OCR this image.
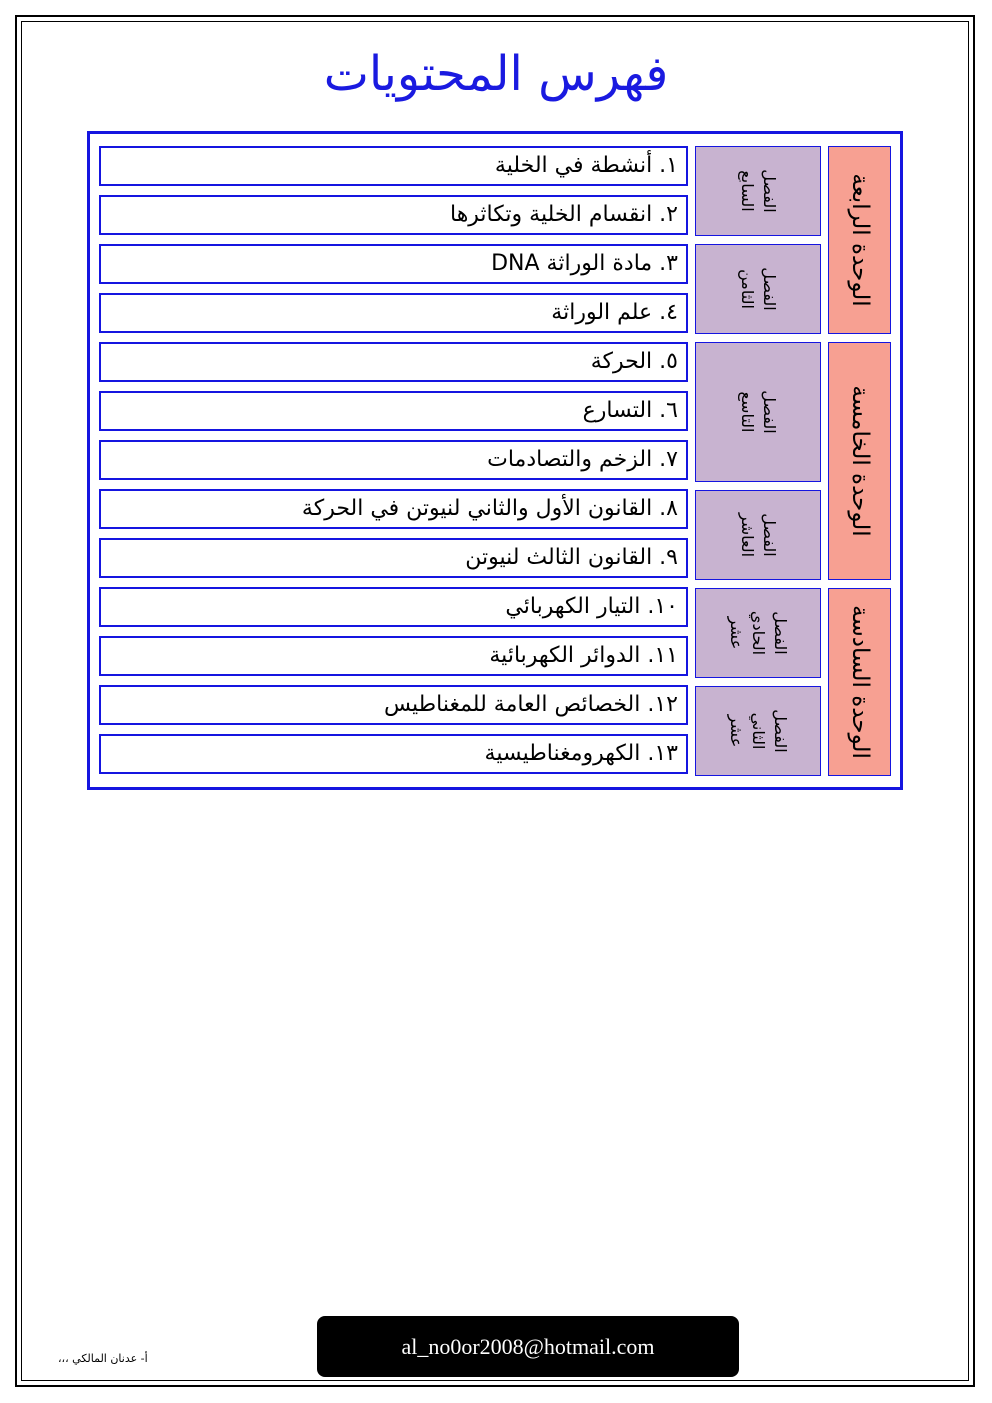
فهرس المحتويات
الوحدة الرابعة
الوحدة الخامسة
الوحدة السادسة
الفصل
السابع
الفصل
الثامن
الفصل التاسع
الفصل
العاشر
الفصل
الحادي
عشر
الفصل
الثاني
عشر
١. أنشطة في الخلية
٢. انقسام الخلية وتكاثرها
٣. مادة الوراثة DNA
٤. علم الوراثة
٥. الحركة
٦. التسارع
٧. الزخم والتصادمات
٨. القانون الأول والثاني لنيوتن في الحركة
٩. القانون الثالث لنيوتن
١٠. التيار الكهربائي
١١. الدوائر الكهربائية
١٢. الخصائص العامة للمغناطيس
١٣. الكهرومغناطيسية
al_no0or2008@hotmail.com
أ- عدنان المالكي ،،،
